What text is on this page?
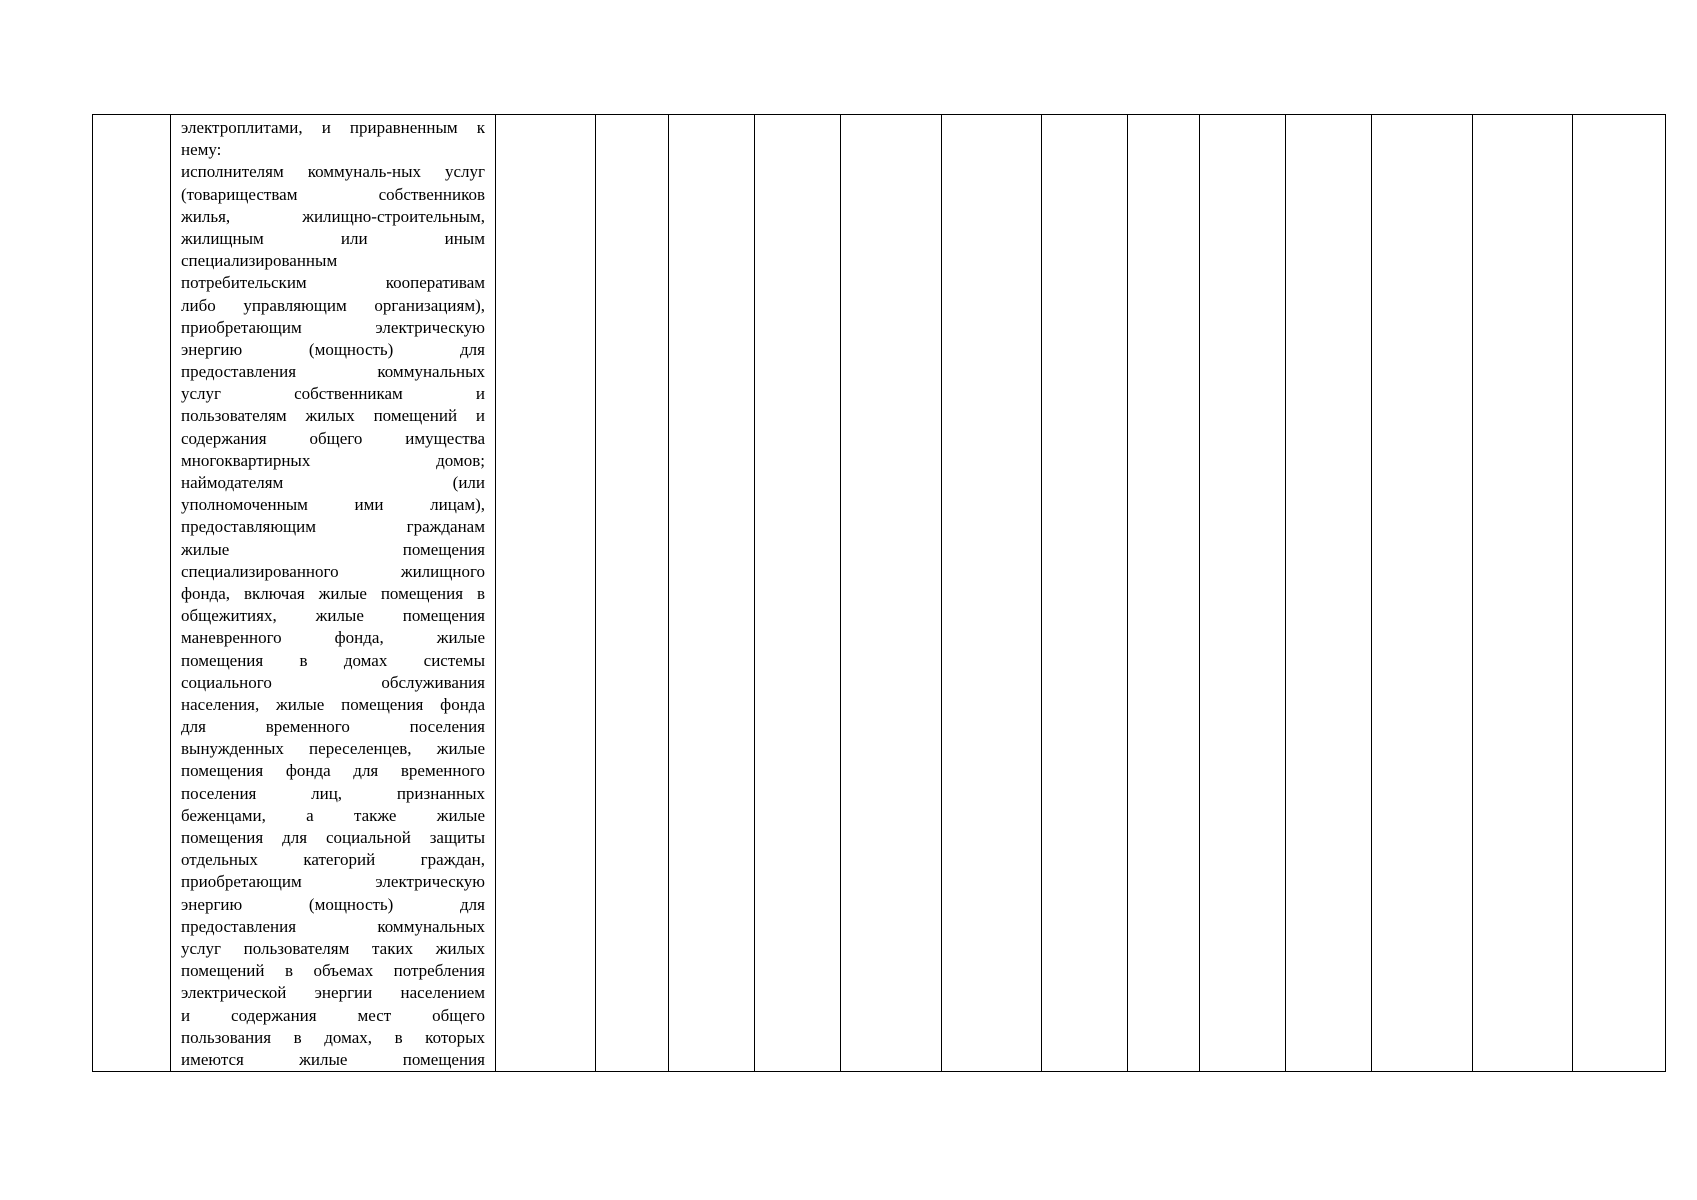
электроплитами, и приравненным к
нему:
исполнителям коммуналь-ных услуг
(товариществам собственников
жилья, жилищно-строительным,
жилищным или иным
специализированным
потребительским кооперативам
либо управляющим организациям),
приобретающим электрическую
энергию (мощность) для
предоставления коммунальных
услуг собственникам и
пользователям жилых помещений и
содержания общего имущества
многоквартирных домов;
наймодателям (или
уполномоченным ими лицам),
предоставляющим гражданам
жилые помещения
специализированного жилищного
фонда, включая жилые помещения в
общежитиях, жилые помещения
маневренного фонда, жилые
помещения в домах системы
социального обслуживания
населения, жилые помещения фонда
для временного поселения
вынужденных переселенцев, жилые
помещения фонда для временного
поселения лиц, признанных
беженцами, а также жилые
помещения для социальной защиты
отдельных категорий граждан,
приобретающим электрическую
энергию (мощность) для
предоставления коммунальных
услуг пользователям таких жилых
помещений в объемах потребления
электрической энергии населением
и содержания мест общего
пользования в домах, в которых
имеются жилые помещения
